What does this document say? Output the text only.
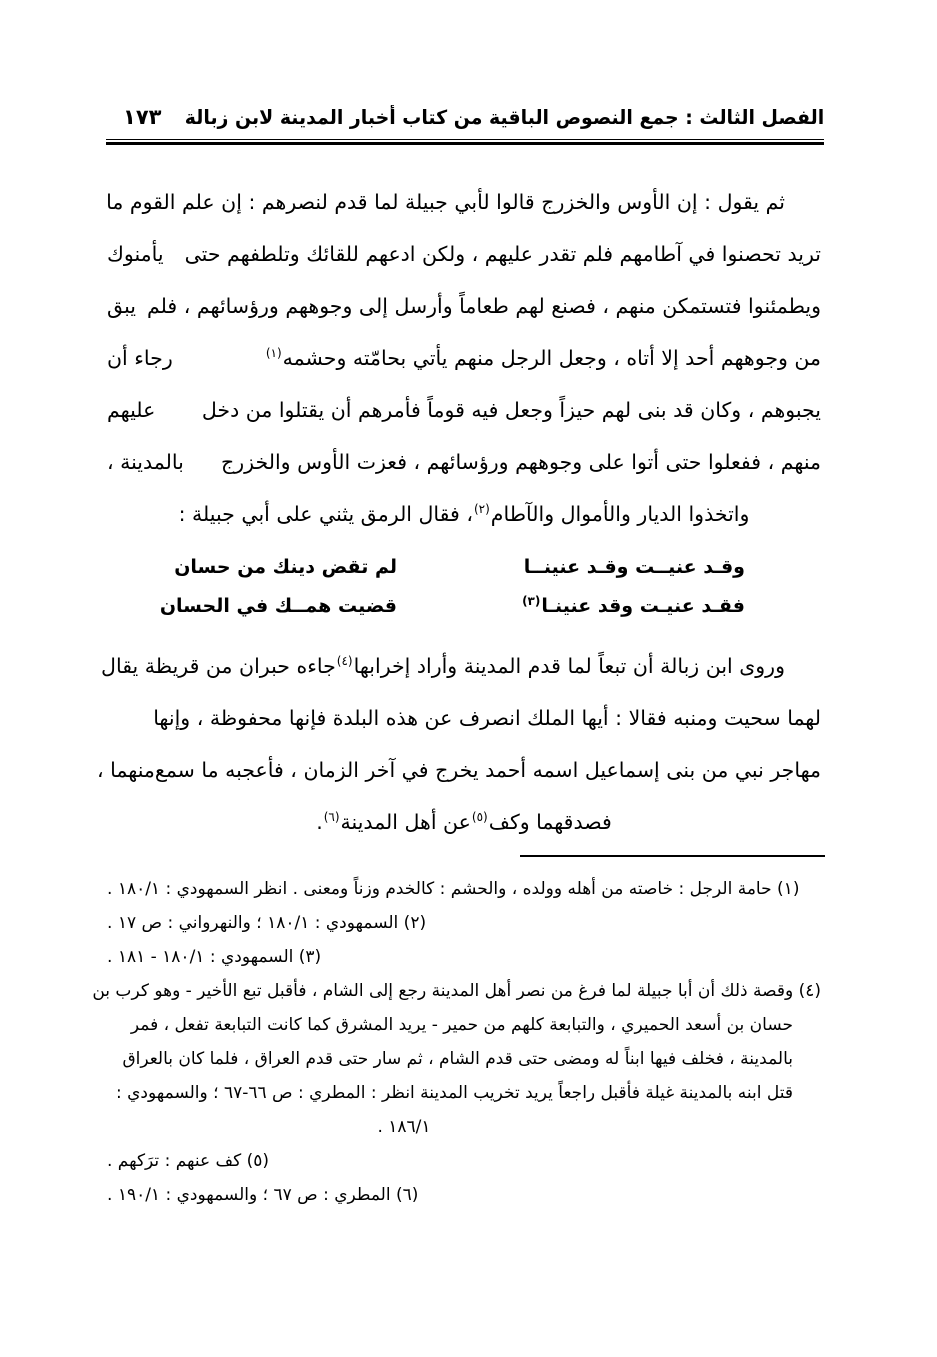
الفصل الثالث : جمع النصوص الباقية من كتاب أخبار المدينة لابن زبالة
١٧٣
ثم يقول : إن الأوس والخزرج قالوا لأبي جبيلة لما قدم لنصرهم : إن علم القوم ما
تريد تحصنوا في آطامهم فلم تقدر عليهم ، ولكن ادعهم للقائك وتلطفهم حتى
يأمنوك
ويطمئنوا فتستمكن منهم ، فصنع لهم طعاماً وأرسل إلى وجوههم ورؤسائهم ، فلم
يبق
من وجوههم أحد إلا أتاه ، وجعل الرجل منهم يأتي بحامّته وحشمه$^{(١)}$
رجاء أن
يجبوهم ، وكان قد بنى لهم حيزاً وجعل فيه قوماً فأمرهم أن يقتلوا من دخل
عليهم
منهم ، ففعلوا حتى أتوا على وجوههم ورؤسائهم ، فعزت الأوس والخزرج
بالمدينة ،
واتخذوا الديار والأموال والآطام$^{(٢)}$، فقال الرمق يثني على أبي جبيلة :
وقـد عنيــت وقـد عنينــا
لم تقض دينك من حسان
فقـد عنيـت وقد عنينـا$^{(٣)}$
قضيت همــك في الحسان
وروى ابن زبالة أن تبعاً لما قدم المدينة وأراد إخرابها$^{(٤)}$
جاءه حبران من قريظة يقال
لهما سحيت ومنبه فقالا : أيها الملك انصرف عن هذه البلدة فإنها محفوظة ، وإنها
مهاجر نبي من بنى إسماعيل اسمه أحمد يخرج في آخر الزمان ، فأعجبه ما سمع
منهما ،
فصدقهما وكف$^{(٥)}$عن أهل المدينة$^{(٦)}$.
(١) حامة الرجل : خاصته من أهله وولده ، والحشم : كالخدم وزناً ومعنى . انظر السمهودي : ١٨٠/١ .
(٢) السمهودي : ١٨٠/١ ؛ والنهرواني : ص ١٧ .
(٣) السمهودي : ١٨٠/١ - ١٨١ .
(٤) وقصة ذلك أن أبا جبيلة لما فرغ من نصر أهل المدينة رجع إلى الشام ، فأقبل تبع الأخير - وهو كرب بن
حسان بن أسعد الحميري ، والتبابعة كلهم من حمير - يريد المشرق كما كانت التبابعة تفعل ، فمر
بالمدينة ، فخلف فيها ابناً له ومضى حتى قدم الشام ، ثم سار حتى قدم العراق ، فلما كان بالعراق
قتل ابنه بالمدينة غيلة فأقبل راجعاً يريد تخريب المدينة انظر : المطري : ص ٦٦-٦٧ ؛ والسمهودي :
١٨٦/١ .
(٥) كف عنهم : ترَكهم .
(٦) المطري : ص ٦٧ ؛ والسمهودي : ١٩٠/١ .
